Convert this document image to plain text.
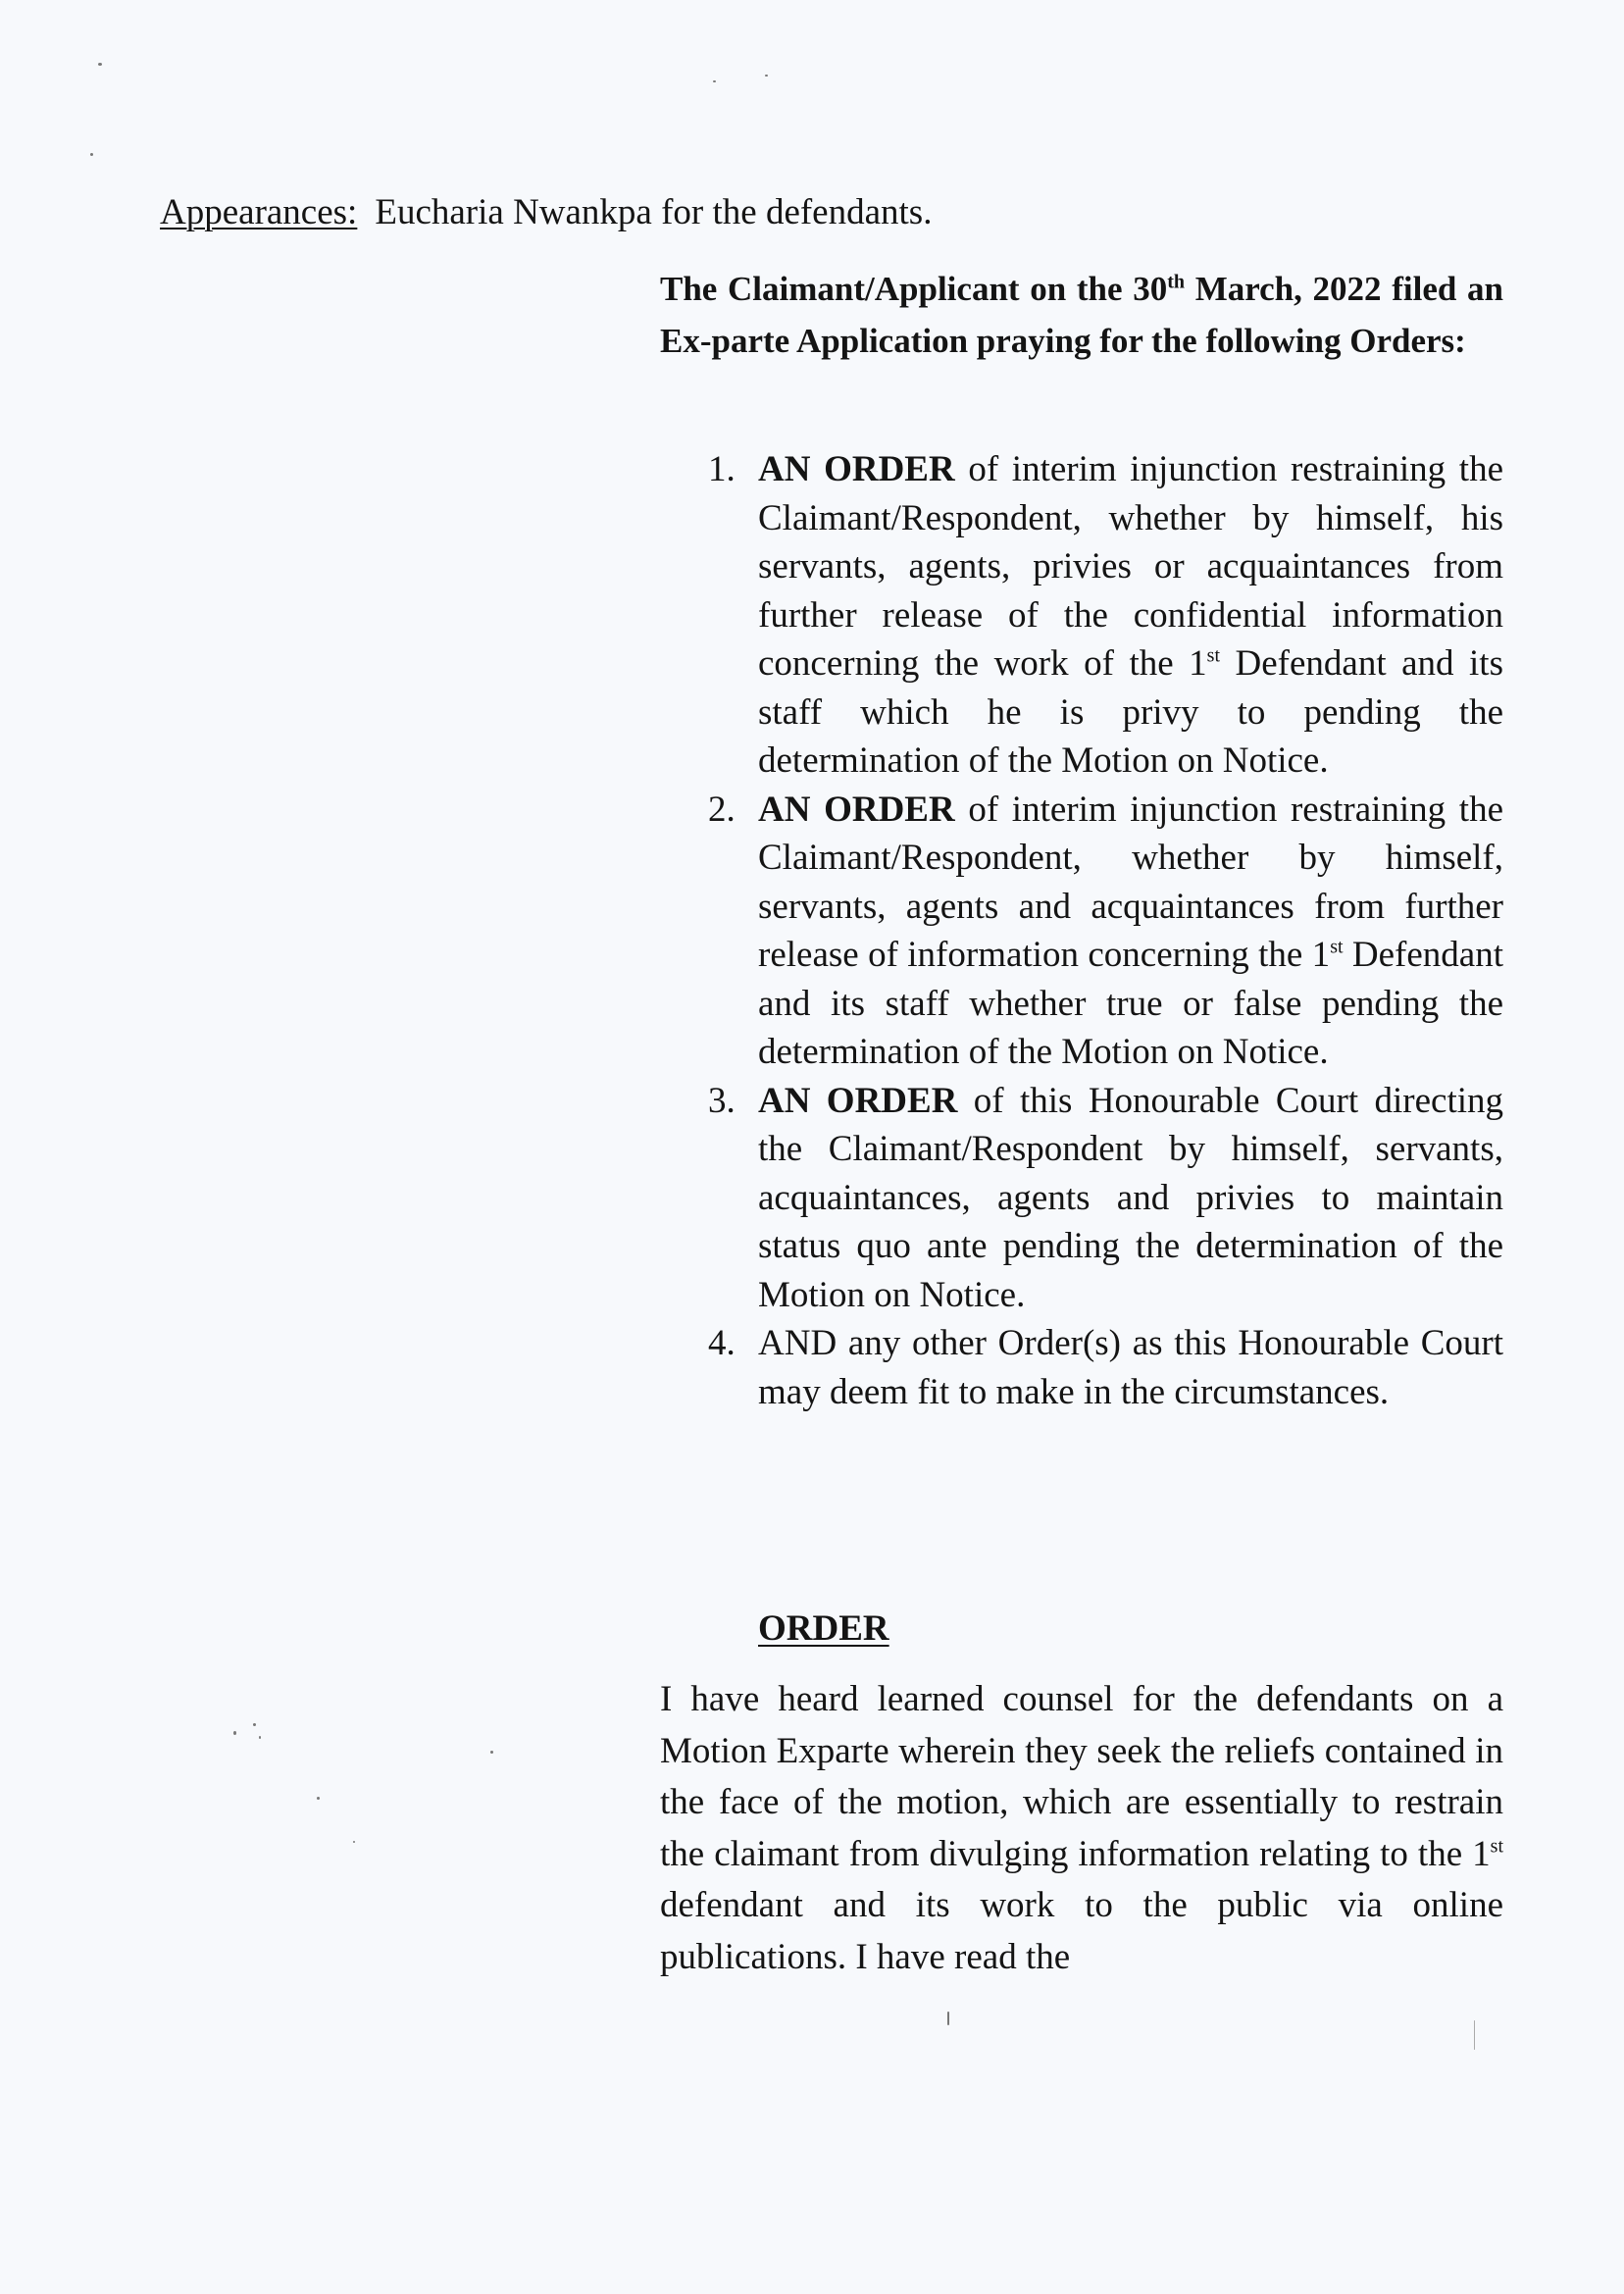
Appearances: Eucharia Nwankpa for the defendants.
The Claimant/Applicant on the 30th March, 2022 filed an Ex-parte Application praying for the following Orders:
1. AN ORDER of interim injunction restraining the Claimant/Respondent, whether by himself, his servants, agents, privies or acquaintances from further release of the confidential information concerning the work of the 1st Defendant and its staff which he is privy to pending the determination of the Motion on Notice.
2. AN ORDER of interim injunction restraining the Claimant/Respondent, whether by himself, servants, agents and acquaintances from further release of information concerning the 1st Defendant and its staff whether true or false pending the determination of the Motion on Notice.
3. AN ORDER of this Honourable Court directing the Claimant/Respondent by himself, servants, acquaintances, agents and privies to maintain status quo ante pending the determination of the Motion on Notice.
4. AND any other Order(s) as this Honourable Court may deem fit to make in the circumstances.
ORDER
I have heard learned counsel for the defendants on a Motion Exparte wherein they seek the reliefs contained in the face of the motion, which are essentially to restrain the claimant from divulging information relating to the 1st defendant and its work to the public via online publications. I have read the
